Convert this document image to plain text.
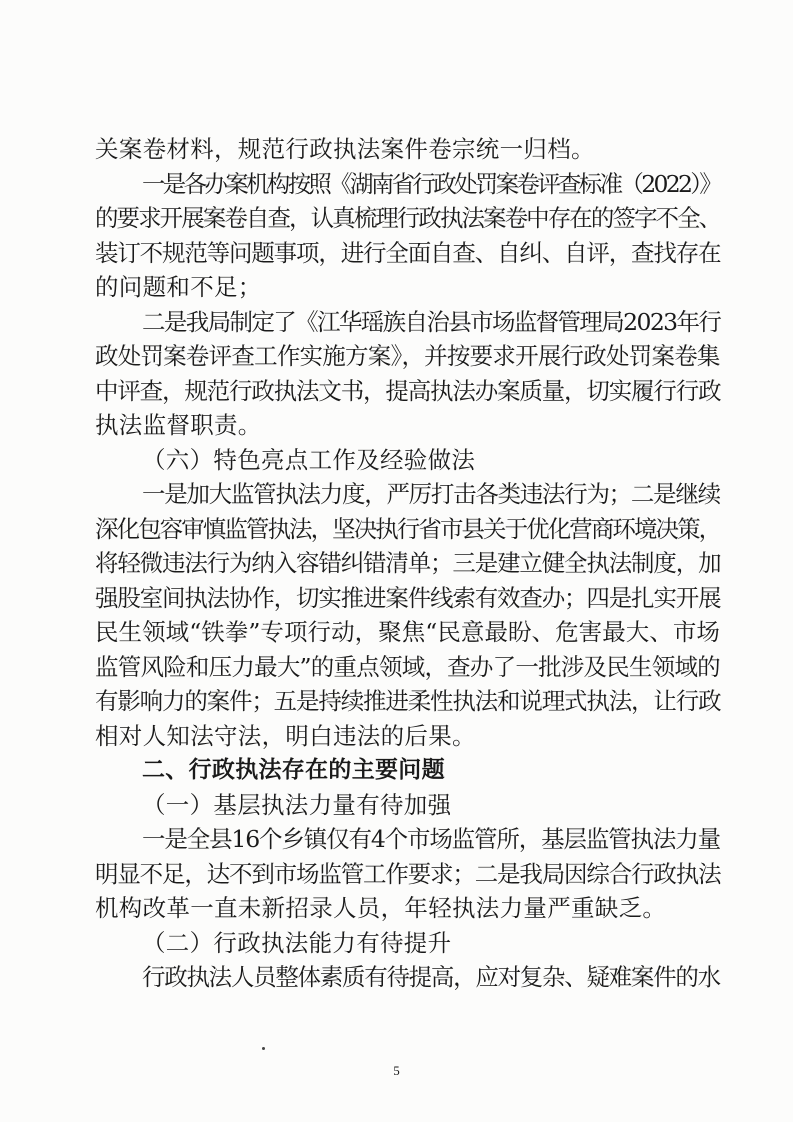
关案卷材料，规范行政执法案件卷宗统一归档。
一是各办案机构按照《湖南省行政处罚案卷评查标准（2022）》
的要求开展案卷自查，认真梳理行政执法案卷中存在的签字不全、
装订不规范等问题事项，进行全面自查、自纠、自评，查找存在
的问题和不足；
二是我局制定了《江华瑶族自治县市场监督管理局2023年行
政处罚案卷评查工作实施方案》，并按要求开展行政处罚案卷集
中评查，规范行政执法文书，提高执法办案质量，切实履行行政
执法监督职责。
（六）特色亮点工作及经验做法
一是加大监管执法力度，严厉打击各类违法行为；二是继续
深化包容审慎监管执法，坚决执行省市县关于优化营商环境决策，
将轻微违法行为纳入容错纠错清单；三是建立健全执法制度，加
强股室间执法协作，切实推进案件线索有效查办；四是扎实开展
民生领域“铁拳”专项行动，聚焦“民意最盼、危害最大、市场
监管风险和压力最大”的重点领域，查办了一批涉及民生领域的
有影响力的案件；五是持续推进柔性执法和说理式执法，让行政
相对人知法守法，明白违法的后果。
二、行政执法存在的主要问题
（一）基层执法力量有待加强
一是全县16个乡镇仅有4个市场监管所，基层监管执法力量
明显不足，达不到市场监管工作要求；二是我局因综合行政执法
机构改革一直未新招录人员，年轻执法力量严重缺乏。
（二）行政执法能力有待提升
行政执法人员整体素质有待提高，应对复杂、疑难案件的水
5
